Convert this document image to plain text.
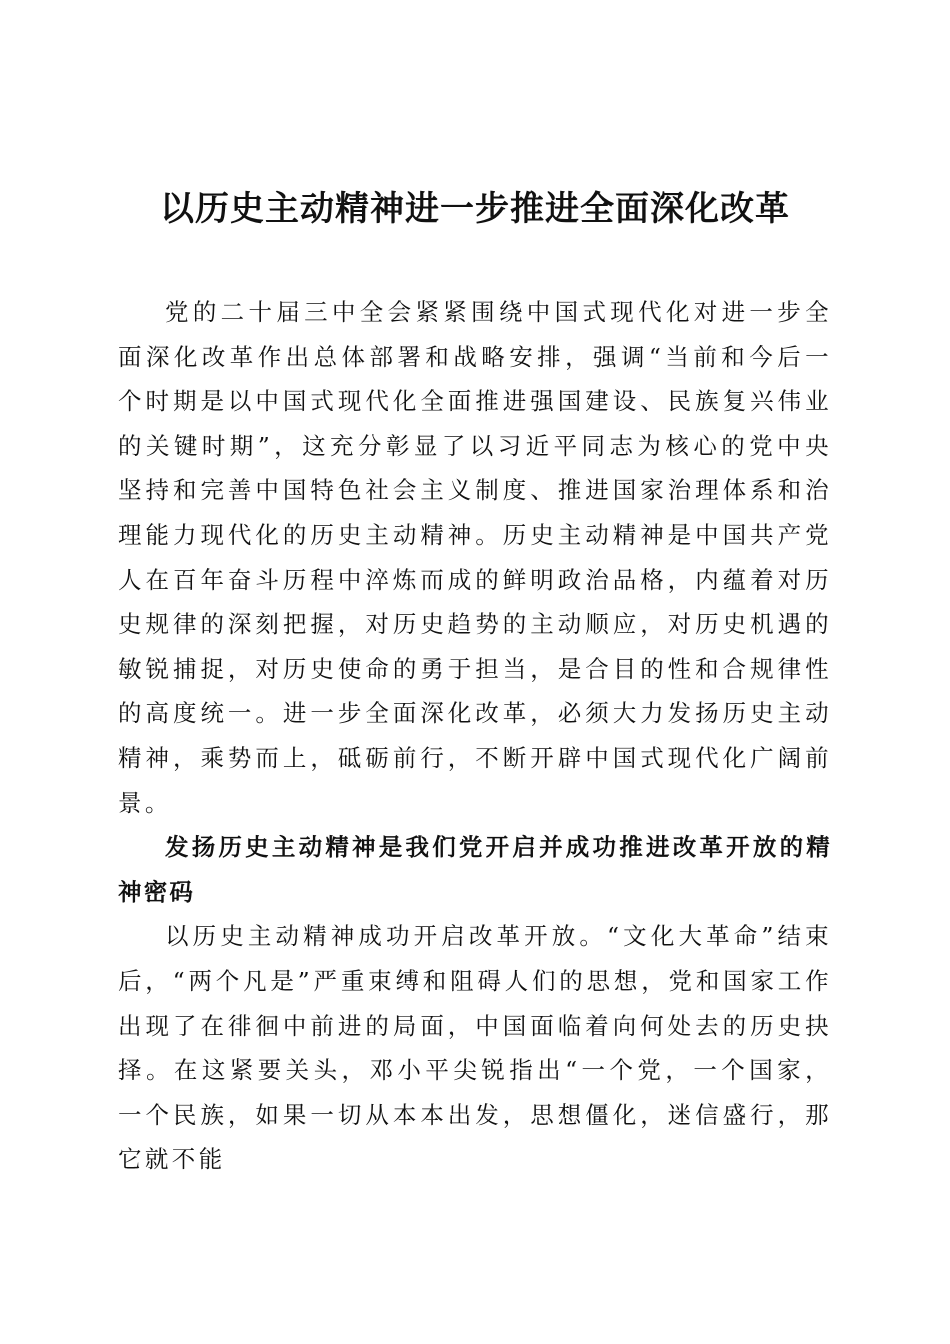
以历史主动精神进一步推进全面深化改革

党的二十届三中全会紧紧围绕中国式现代化对进一步全面深化改革作出总体部署和战略安排，强调“当前和今后一个时期是以中国式现代化全面推进强国建设、民族复兴伟业的关键时期”，这充分彰显了以习近平同志为核心的党中央坚持和完善中国特色社会主义制度、推进国家治理体系和治理能力现代化的历史主动精神。历史主动精神是中国共产党人在百年奋斗历程中淬炼而成的鲜明政治品格，内蕴着对历史规律的深刻把握，对历史趋势的主动顺应，对历史机遇的敏锐捕捉，对历史使命的勇于担当，是合目的性和合规律性的高度统一。进一步全面深化改革，必须大力发扬历史主动精神，乘势而上，砥砺前行，不断开辟中国式现代化广阔前景。

发扬历史主动精神是我们党开启并成功推进改革开放的精神密码

以历史主动精神成功开启改革开放。“文化大革命”结束后，“两个凡是”严重束缚和阻碍人们的思想，党和国家工作出现了在徘徊中前进的局面，中国面临着向何处去的历史抉择。在这紧要关头，邓小平尖锐指出“一个党，一个国家，一个民族，如果一切从本本出发，思想僵化，迷信盛行，那它就不能
